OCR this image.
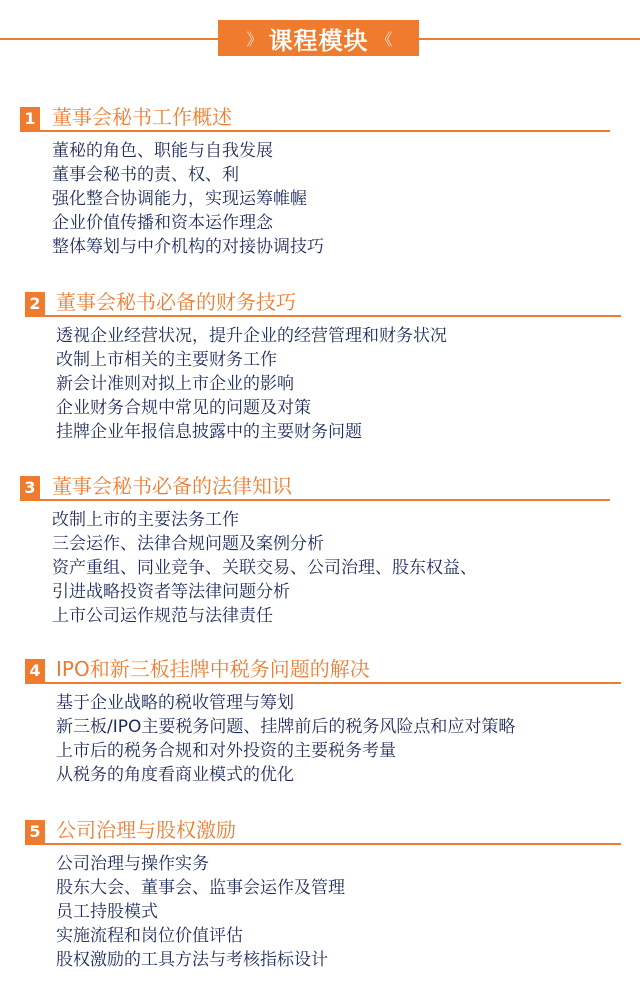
》 课程模块 《
1 董事会秘书工作概述
董秘的角色、职能与自我发展
董事会秘书的责、权、利
强化整合协调能力，实现运筹帷幄
企业价值传播和资本运作理念
整体筹划与中介机构的对接协调技巧
2 董事会秘书必备的财务技巧
透视企业经营状况，提升企业的经营管理和财务状况
改制上市相关的主要财务工作
新会计准则对拟上市企业的影响
企业财务合规中常见的问题及对策
挂牌企业年报信息披露中的主要财务问题
3 董事会秘书必备的法律知识
改制上市的主要法务工作
三会运作、法律合规问题及案例分析
资产重组、同业竞争、关联交易、公司治理、股东权益、
引进战略投资者等法律问题分析
上市公司运作规范与法律责任
4 IPO和新三板挂牌中税务问题的解决
基于企业战略的税收管理与筹划
新三板/IPO主要税务问题、挂牌前后的税务风险点和应对策略
上市后的税务合规和对外投资的主要税务考量
从税务的角度看商业模式的优化
5 公司治理与股权激励
公司治理与操作实务
股东大会、董事会、监事会运作及管理
员工持股模式
实施流程和岗位价值评估
股权激励的工具方法与考核指标设计
